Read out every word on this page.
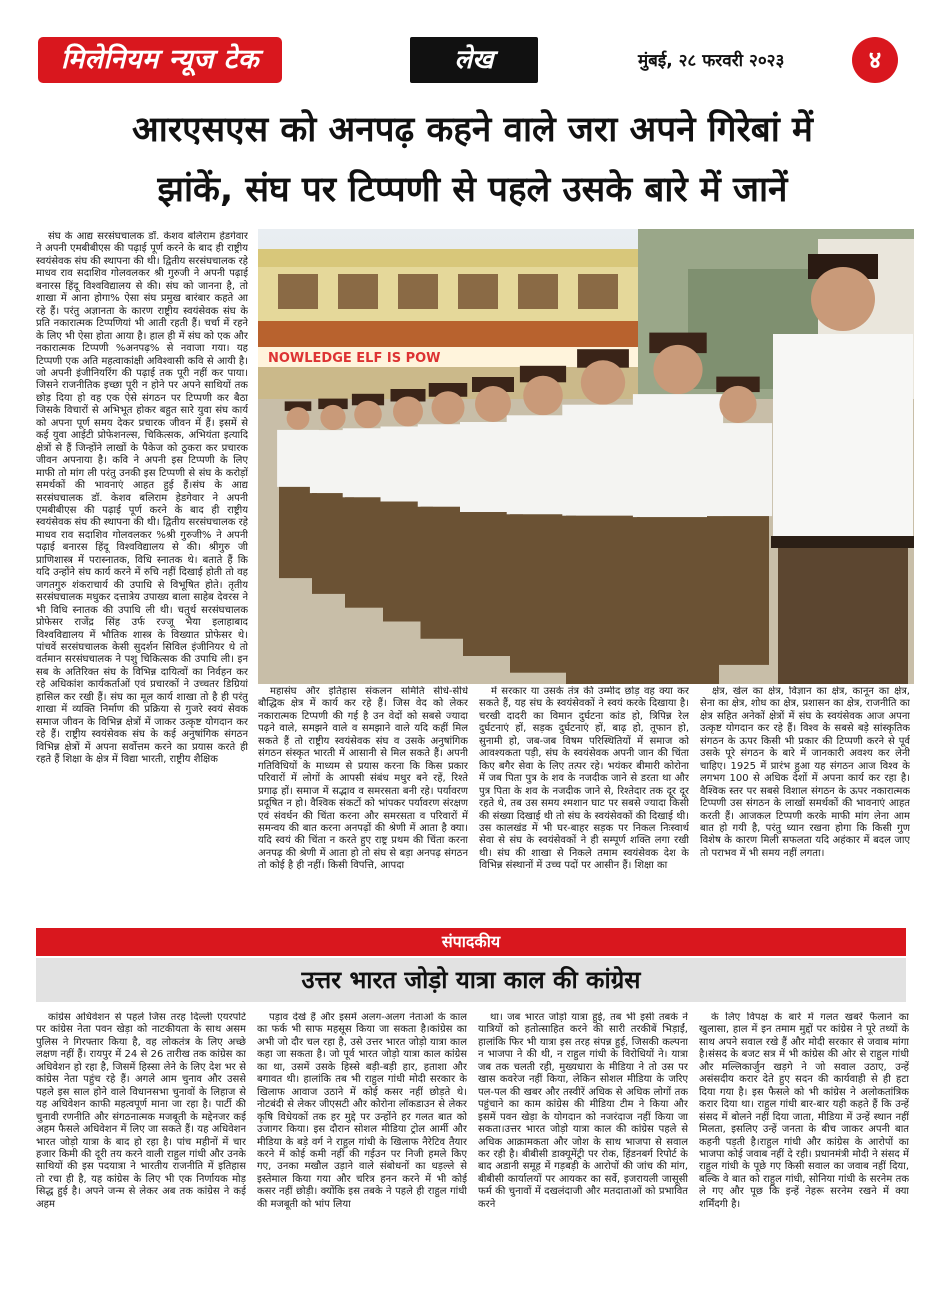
मिलेनियम न्यूज टेक	लेख	मुंबई, २८ फरवरी २०२३	४
आरएसएस को अनपढ़ कहने वाले जरा अपने गिरेबां में
झांकें, संघ पर टिप्पणी से पहले उसके बारे में जानें
NOWLEDGE ELF IS POW

संघ के आद्य सरसंघचालक डॉ. केशव बलिराम हेडगेवार ने अपनी एमबीबीएस की पढ़ाई पूर्ण करने के बाद ही राष्ट्रीय स्वयंसेवक संघ की स्थापना की थी। द्वितीय सरसंघचालक रहे माधव राव सदाशिव गोलवलकर श्री गुरुजी ने अपनी पढ़ाई बनारस हिंदू विश्वविद्यालय से की। संघ को जानना है, तो शाखा में आना होगा% ऐसा संघ प्रमुख बारंबार कहते आ रहे हैं। परंतु अज्ञानता के कारण राष्ट्रीय स्वयंसेवक संघ के प्रति नकारात्मक टिप्पणियां भी आती रहती हैं। चर्चा में रहने के लिए भी ऐसा होता आया है। हाल ही में संघ को एक और नकारात्मक टिप्पणी %अनपढ़% से नवाजा गया। यह टिप्पणी एक अति महत्वाकांक्षी अविश्वासी कवि से आयी है। जो अपनी इंजीनियरिंग की पढ़ाई तक पूरी नहीं कर पाया। जिसने राजनीतिक इच्छा पूरी न होने पर अपने साथियों तक छोड़ दिया हो वह एक ऐसे संगठन पर टिप्पणी कर बैठा जिसके विचारों से अभिभूत होकर बहुत सारे युवा संघ कार्य को अपना पूर्ण समय देकर प्रचारक जीवन में हैं। इसमें से कई युवा आईटी प्रोफेशनल्स, चिकित्सक, अभियंता इत्यादि क्षेत्रों से हैं जिन्होंने लाखों के पैकेज को ठुकरा कर प्रचारक जीवन अपनाया है। कवि ने अपनी इस टिप्पणी के लिए माफी तो मांग ली परंतु उनकी इस टिप्पणी से संघ के करोड़ों समर्थकों की भावनाएं आहत हुई हैं।संघ के आद्य सरसंघचालक डॉ. केशव बलिराम हेडगेवार ने अपनी एमबीबीएस की पढ़ाई पूर्ण करने के बाद ही राष्ट्रीय स्वयंसेवक संघ की स्थापना की थी। द्वितीय सरसंघचालक रहे माधव राव सदाशिव गोलवलकर %श्री गुरुजी% ने अपनी पढ़ाई बनारस हिंदू विश्वविद्यालय से की। श्रीगुरु जी प्राणिशास्त्र में परास्नातक, विधि स्नातक थे। बताते हैं कि यदि उन्होंने संघ कार्य करने में रुचि नहीं दिखाई होती तो वह जगतगुरु शंकराचार्य की उपाधि से विभूषित होते। तृतीय सरसंघचालक मधुकर दत्तात्रेय उपाख्य बाला साहेब देवरस ने भी विधि स्नातक की उपाधि ली थी। चतुर्थ सरसंघचालक प्रोफेसर राजेंद्र सिंह उर्फ रज्जू भैया इलाहाबाद विश्वविद्यालय में भौतिक शास्त्र के विख्यात प्रोफेसर थे। पांचवें सरसंघचालक केसी सुदर्शन सिविल इंजीनियर थे तो वर्तमान सरसंघचालक ने पशु चिकित्सक की उपाधि ली। इन सब के अतिरिक्त संघ के विभिन्न दायित्वों का निर्वहन कर रहे अधिकांश कार्यकर्ताओं एवं प्रचारकों ने उच्चतर डिग्रियां हासिल कर रखी हैं। संघ का मूल कार्य शाखा तो है ही परंतु शाखा में व्यक्ति निर्माण की प्रक्रिया से गुजरे स्वयं सेवक समाज जीवन के विभिन्न क्षेत्रों में जाकर उत्कृष्ट योगदान कर रहे हैं। राष्ट्रीय स्वयंसेवक संघ के कई अनुषांगिक संगठन विभिन्न क्षेत्रों में अपना सर्वोत्तम करने का प्रयास करते ही रहते हैं शिक्षा के क्षेत्र में विद्या भारती, राष्ट्रीय शैक्षिक

महासंघ और इतिहास संकलन समिति सीधे-सीधे बौद्धिक क्षेत्र में कार्य कर रहे हैं। जिस वेद को लेकर नकारात्मक टिप्पणी की गई है उन वेदों को सबसे ज्यादा पढ़ने वाले, समझने वाले व समझाने वाले यदि कहीं मिल सकते हैं तो राष्ट्रीय स्वयंसेवक संघ व उसके अनुषांगिक संगठन संस्कृत भारती में आसानी से मिल सकते हैं। अपनी गतिविधियों के माध्यम से प्रयास करना कि किस प्रकार परिवारों में लोगों के आपसी संबंध मधुर बने रहें, रिश्ते प्रगाढ़ हों। समाज में सद्भाव व समरसता बनी रहे। पर्यावरण प्रदूषित न हो। वैश्विक संकटों को भांपकर पर्यावरण संरक्षण एवं संवर्धन की चिंता करना और समरसता व परिवारों में समन्वय की बात करना अनपढ़ों की श्रेणी में आता है क्या। यदि स्वयं की चिंता न करते हुए राष्ट्र प्रथम की चिंता करना अनपढ़ की श्रेणी में आता हो तो संघ से बड़ा अनपढ़ संगठन तो कोई है ही नहीं। किसी विपत्ति, आपदा

में सरकार या उसके तंत्र की उम्मीद छोड़ वह क्या कर सकते हैं, यह संघ के स्वयंसेवकों ने स्वयं करके दिखाया है। चरखी दादरी का विमान दुर्घटना कांड हो, त्रिपिन्न रेल दुर्घटनाएं हों, सड़क दुर्घटनाएं हों, बाढ़ हो, तूफान हो, सुनामी हो, जब-जब विषम परिस्थितियों में समाज को आवश्यकता पड़ी, संघ के स्वयंसेवक अपनी जान की चिंता किए बगैर सेवा के लिए तत्पर रहे। भयंकर बीमारी कोरोना में जब पिता पुत्र के शव के नजदीक जाने से डरता था और पुत्र पिता के शव के नजदीक जाने से, रिश्तेदार तक दूर दूर रहते थे, तब उस समय श्मशान घाट पर सबसे ज्यादा किसी की संख्या दिखाई थी तो संघ के स्वयंसेवकों की दिखाई थी। उस कालखंड में भी घर-बाहर सड़क पर निकल निःस्वार्थ सेवा से संघ के स्वयंसेवकों ने ही सम्पूर्ण शक्ति लगा रखी थी। संघ की शाखा से निकले तमाम स्वयंसेवक देश के विभिन्न संस्थानों में उच्च पदों पर आसीन हैं। शिक्षा का

क्षेत्र, खेल का क्षेत्र, विज्ञान का क्षेत्र, कानून का क्षेत्र, सेना का क्षेत्र, शोध का क्षेत्र, प्रशासन का क्षेत्र, राजनीति का क्षेत्र सहित अनेकों क्षेत्रों में संघ के स्वयंसेवक आज अपना उत्कृष्ट योगदान कर रहे हैं। विश्व के सबसे बड़े सांस्कृतिक संगठन के ऊपर किसी भी प्रकार की टिप्पणी करने से पूर्व उसके पूरे संगठन के बारे में जानकारी अवश्य कर लेनी चाहिए। 1925 में प्रारंभ हुआ यह संगठन आज विश्व के लगभग 100 से अधिक देशों में अपना कार्य कर रहा है। वैश्विक स्तर पर सबसे विशाल संगठन के ऊपर नकारात्मक टिप्पणी उस संगठन के लाखों समर्थकों की भावनाएं आहत करती हैं। आजकल टिप्पणी करके माफी मांग लेना आम बात हो गयी है, परंतु ध्यान रखना होगा कि किसी गुण विशेष के कारण मिली सफलता यदि अहंकार में बदल जाए तो पराभव में भी समय नहीं लगता।

संपादकीय
उत्तर भारत जोड़ो यात्रा काल की कांग्रेस

कांग्रेस अधिवेशन से पहले जिस तरह दिल्ली एयरपोर्ट पर कांग्रेस नेता पवन खेड़ा को नाटकीयता के साथ असम पुलिस ने गिरफ्तार किया है, वह लोकतंत्र के लिए अच्छे लक्षण नहीं हैं। रायपुर में 24 से 26 तारीख तक कांग्रेस का अधिवेशन हो रहा है, जिसमें हिस्सा लेने के लिए देश भर से कांग्रेस नेता पहुंच रहे हैं। अगले आम चुनाव और उससे पहले इस साल होने वाले विधानसभा चुनावों के लिहाज से यह अधिवेशन काफी महत्वपूर्ण माना जा रहा है। पार्टी की चुनावी रणनीति और संगठनात्मक मजबूती के मद्देनजर कई अहम फैसले अधिवेशन में लिए जा सकते हैं। यह अधिवेशन भारत जोड़ो यात्रा के बाद हो रहा है। पांच महीनों में चार हजार किमी की दूरी तय करने वाली राहुल गांधी और उनके साथियों की इस पदयात्रा ने भारतीय राजनीति में इतिहास तो रचा ही है, यह कांग्रेस के लिए भी एक निर्णायक मोड़ सिद्ध हुई है। अपने जन्म से लेकर अब तक कांग्रेस ने कई अहम

पड़ाव देखे हैं और इसमें अलग-अलग नेताओं के काल का फर्क भी साफ महसूस किया जा सकता है।कांग्रेस का अभी जो दौर चल रहा है, उसे उत्तर भारत जोड़ो यात्रा काल कहा जा सकता है। जो पूर्व भारत जोड़ो यात्रा काल कांग्रेस का था, उसमें उसके हिस्से बड़ी-बड़ी हार, हताशा और बगावत थी। हालांकि तब भी राहुल गांधी मोदी सरकार के खिलाफ आवाज उठाने में कोई कसर नहीं छोड़ते थे। नोटबंदी से लेकर जीएसटी और कोरोना लॉकडाउन से लेकर कृषि विधेयकों तक हर मुद्दे पर उन्होंने हर गलत बात को उजागर किया। इस दौरान सोशल मीडिया ट्रोल आर्मी और मीडिया के बड़े वर्ग ने राहुल गांधी के खिलाफ नैरेटिव तैयार करने में कोई कमी नहीं की गईउन पर निजी हमले किए गए, उनका मखौल उड़ाने वाले संबोधनों का धड़ल्ले से इस्तेमाल किया गया और चरित्र हनन करने में भी कोई कसर नहीं छोड़ी। क्योंकि इस तबके ने पहले ही राहुल गांधी की मजबूती को भांप लिया

था। जब भारत जोड़ो यात्रा हुई, तब भी इसी तबके ने यात्रियों को हतोत्साहित करने की सारी तरकीबें भिड़ाईं, हालांकि फिर भी यात्रा इस तरह संपन्न हुई, जिसकी कल्पना न भाजपा ने की थी, न राहुल गांधी के विरोधियों ने। यात्रा जब तक चलती रही, मुख्यधारा के मीडिया ने तो उस पर खास कवरेज नहीं किया, लेकिन सोशल मीडिया के जरिए पल-पल की खबर और तस्वीरें अधिक से अधिक लोगों तक पहुंचाने का काम कांग्रेस की मीडिया टीम ने किया और इसमें पवन खेड़ा के योगदान को नजरंदाज नहीं किया जा सकता।उत्तर भारत जोड़ो यात्रा काल की कांग्रेस पहले से अधिक आक्रामकता और जोश के साथ भाजपा से सवाल कर रही है। बीबीसी डाक्यूमेंट्री पर रोक, हिंडनबर्ग रिपोर्ट के बाद अडानी समूह में गड़बड़ी के आरोपों की जांच की मांग, बीबीसी कार्यालयों पर आयकर का सर्वे, इजरायली जासूसी फर्म की चुनावों में दखलंदाजी और मतदाताओं को प्रभावित करने

के लिए विपक्ष के बारे में गलत खबरें फैलाने का खुलासा, हाल में इन तमाम मुद्दों पर कांग्रेस ने पूरे तथ्यों के साथ अपने सवाल रखे हैं और मोदी सरकार से जवाब मांगा है।संसद के बजट सत्र में भी कांग्रेस की ओर से राहुल गांधी और मल्लिकार्जुन खड़गे ने जो सवाल उठाए, उन्हें असंसदीय करार देते हुए सदन की कार्यवाही से ही हटा दिया गया है। इस फैसले को भी कांग्रेस ने अलोकतांत्रिक करार दिया था। राहुल गांधी बार-बार यही कहते हैं कि उन्हें संसद में बोलने नहीं दिया जाता, मीडिया में उन्हें स्थान नहीं मिलता, इसलिए उन्हें जनता के बीच जाकर अपनी बात कहनी पड़ती है।राहुल गांधी और कांग्रेस के आरोपों का भाजपा कोई जवाब नहीं दे रही। प्रधानमंत्री मोदी ने संसद में राहुल गांधी के पूछे गए किसी सवाल का जवाब नहीं दिया, बल्कि वे बात को राहुल गांधी, सोनिया गांधी के सरनेम तक ले गए और पूछ कि इन्हें नेहरू सरनेम रखने में क्या शर्मिंदगी है।
